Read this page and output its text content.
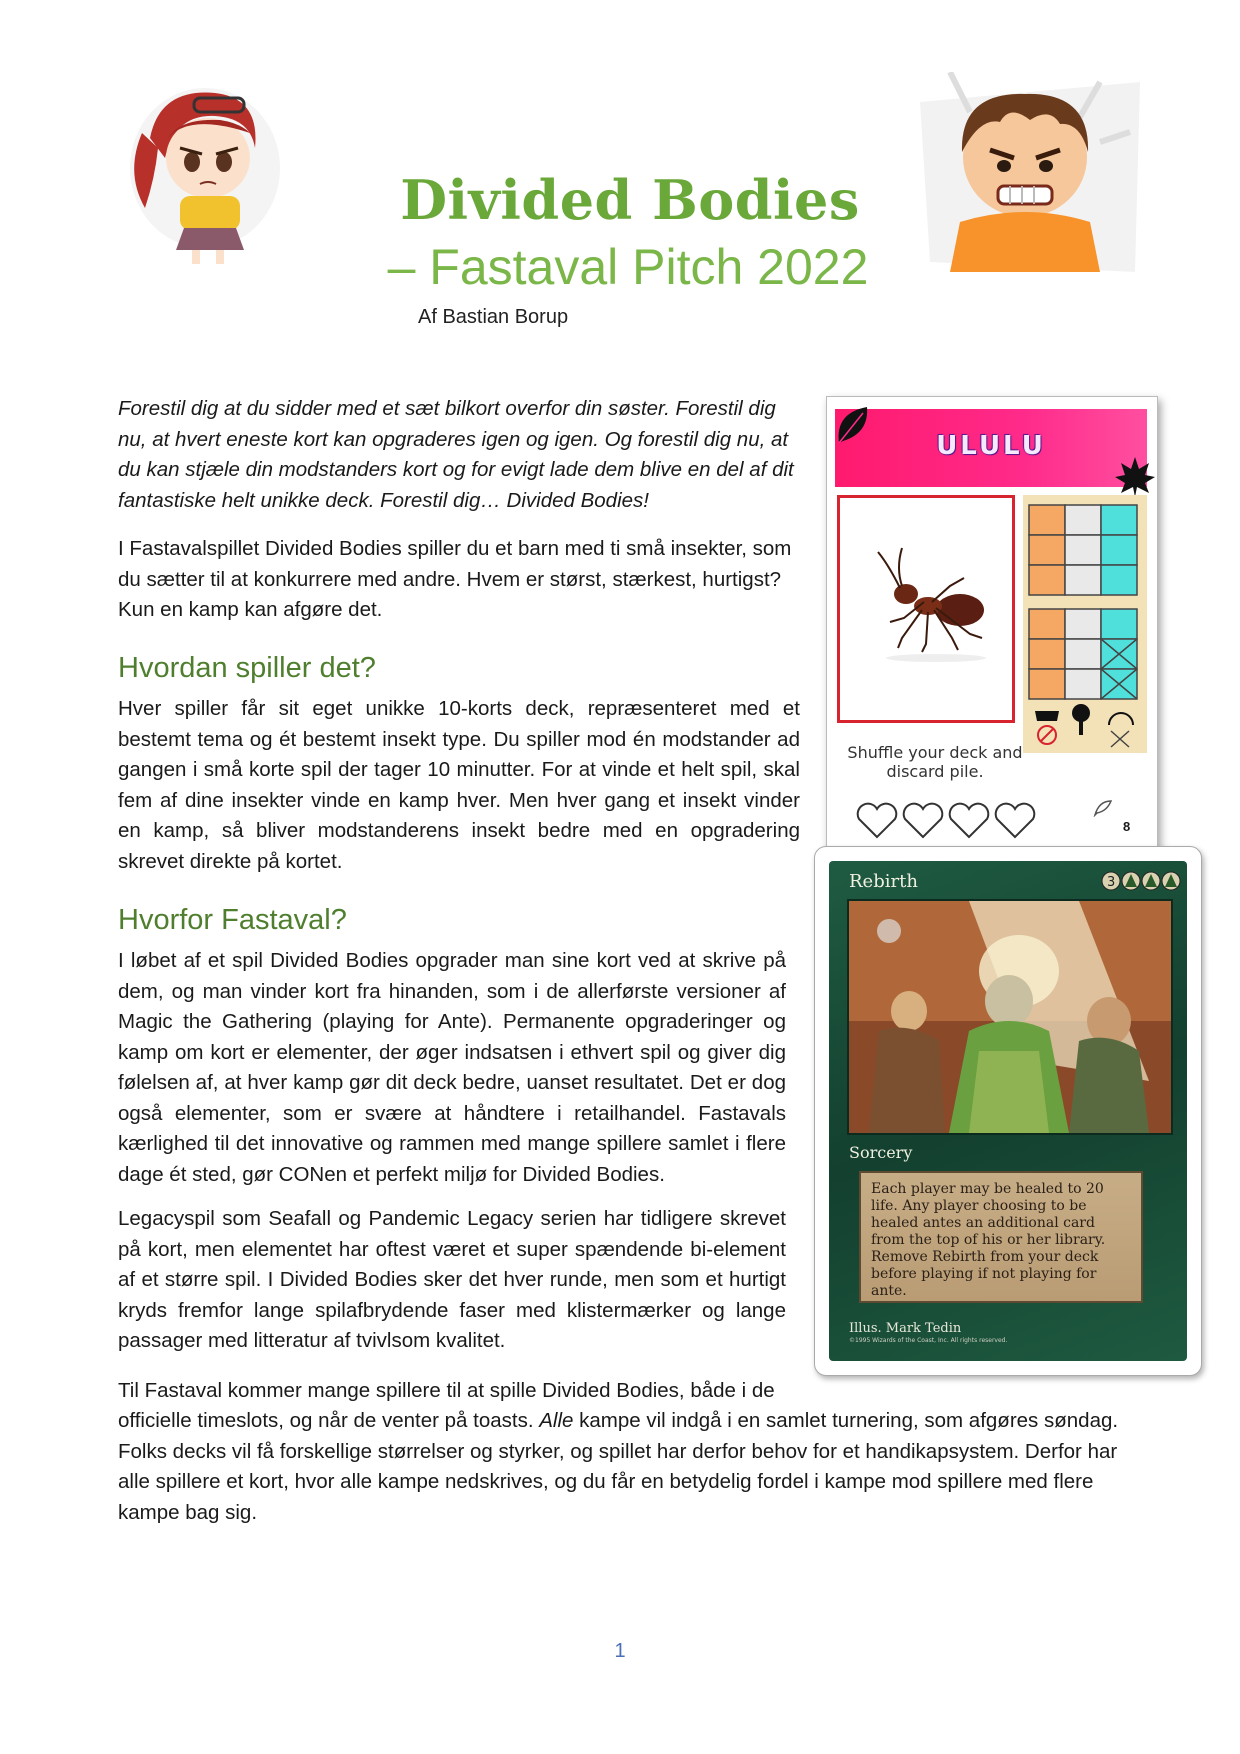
Divided Bodies
– Fastaval Pitch 2022
Af Bastian Borup
Forestil dig at du sidder med et sæt bilkort overfor din søster. Forestil dig nu, at hvert eneste kort kan opgraderes igen og igen. Og forestil dig nu, at du kan stjæle din modstanders kort og for evigt lade dem blive en del af dit fantastiske helt unikke deck. Forestil dig… Divided Bodies!
I Fastavalspillet Divided Bodies spiller du et barn med ti små insekter, som du sætter til at konkurrere med andre. Hvem er størst, stærkest, hurtigst? Kun en kamp kan afgøre det.
Hvordan spiller det?
Hver spiller får sit eget unikke 10-korts deck, repræsenteret med et bestemt tema og ét bestemt insekt type. Du spiller mod én modstander ad gangen i små korte spil der tager 10 minutter. For at vinde et helt spil, skal fem af dine insekter vinde en kamp hver. Men hver gang et insekt vinder en kamp, så bliver modstanderens insekt bedre med en opgradering skrevet direkte på kortet.
Hvorfor Fastaval?
I løbet af et spil Divided Bodies opgrader man sine kort ved at skrive på dem, og man vinder kort fra hinanden, som i de allerførste versioner af Magic the Gathering (playing for Ante). Permanente opgraderinger og kamp om kort er elementer, der øger indsatsen i ethvert spil og giver dig følelsen af, at hver kamp gør dit deck bedre, uanset resultatet. Det er dog også elementer, som er svære at håndtere i retailhandel. Fastavals kærlighed til det innovative og rammen med mange spillere samlet i flere dage ét sted, gør CONen et perfekt miljø for Divided Bodies.
Legacyspil som Seafall og Pandemic Legacy serien har tidligere skrevet på kort, men elementet har oftest været et super spændende bi-element af et større spil. I Divided Bodies sker det hver runde, men som et hurtigt kryds fremfor lange spilafbrydende faser med klistermærker og lange passager med litteratur af tvivlsom kvalitet.
Til Fastaval kommer mange spillere til at spille Divided Bodies, både i de
officielle timeslots, og når de venter på toasts. Alle kampe vil indgå i en samlet turnering, som afgøres søndag. Folks decks vil få forskellige størrelser og styrker, og spillet har derfor behov for et handikapsystem. Derfor har alle spillere et kort, hvor alle kampe nedskrives, og du får en betydelig fordel i kampe mod spillere med flere kampe bag sig.
1
ULULU
Shuffle your deck and discard pile.
8
Rebirth	3
Sorcery
Each player may be healed to 20 life. Any player choosing to be healed antes an additional card from the top of his or her library. Remove Rebirth from your deck before playing if not playing for ante.
Illus. Mark Tedin
©1995 Wizards of the Coast, Inc. All rights reserved.
